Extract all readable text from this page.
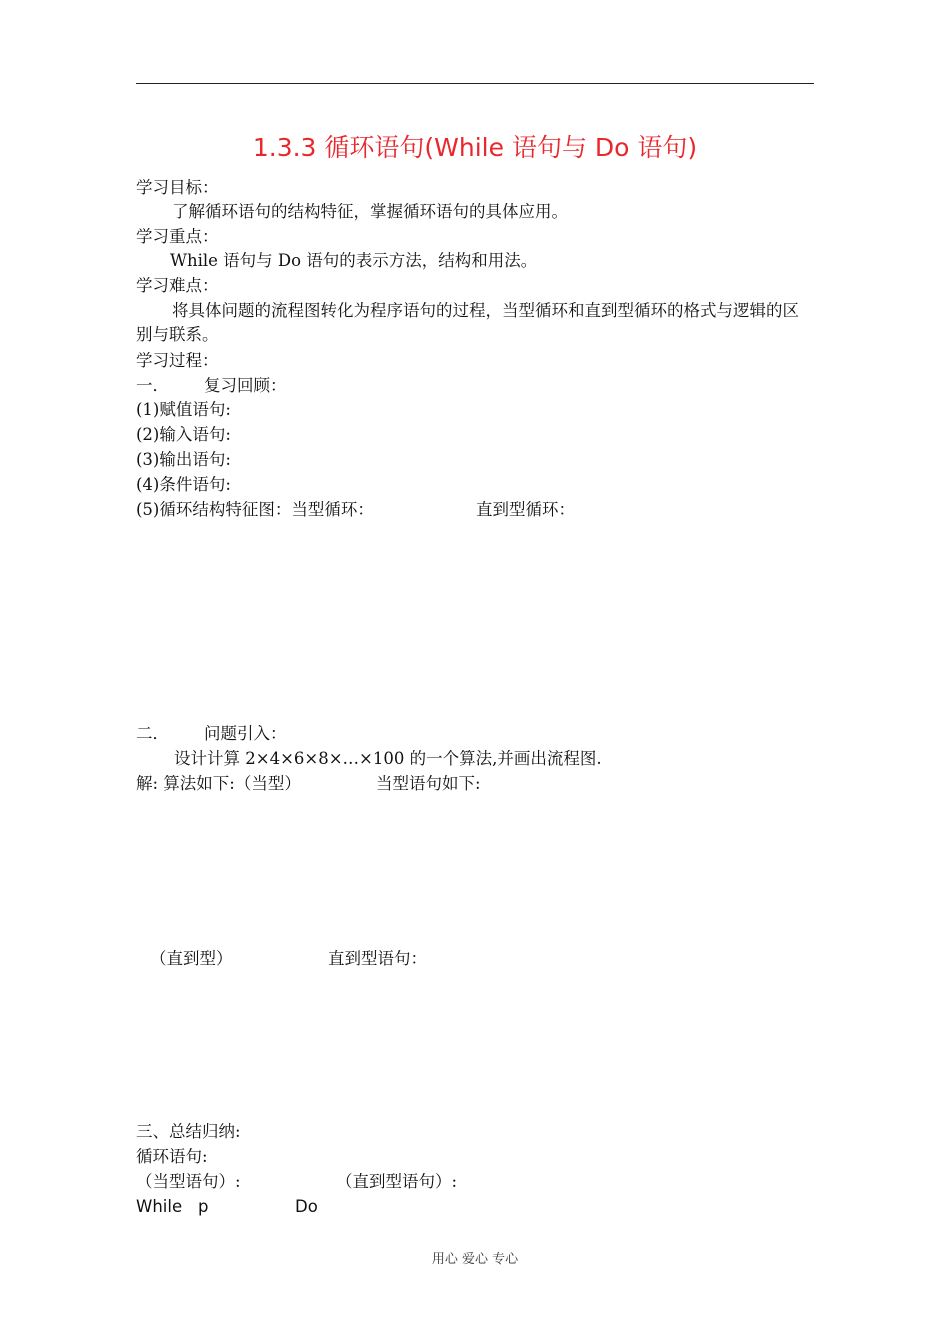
1.3.3 循环语句(While 语句与 Do 语句)
学习目标：
了解循环语句的结构特征，掌握循环语句的具体应用。
学习重点：
While 语句与 Do 语句的表示方法，结构和用法。
学习难点：
将具体问题的流程图转化为程序语句的过程，当型循环和直到型循环的格式与逻辑的区别与联系。
学习过程：
一． 复习回顾：
(1)赋值语句:
(2)输入语句:
(3)输出语句:
(4)条件语句:
(5)循环结构特征图：当型循环：	直到型循环：
二． 问题引入：
设计计算 2×4×6×8×…×100 的一个算法,并画出流程图.
解: 算法如下:（当型）	当型语句如下:
（直到型）	直到型语句：
三、总结归纳:
循环语句:
（当型语句）:	（直到型语句）:
While p	Do
用心 爱心 专心
